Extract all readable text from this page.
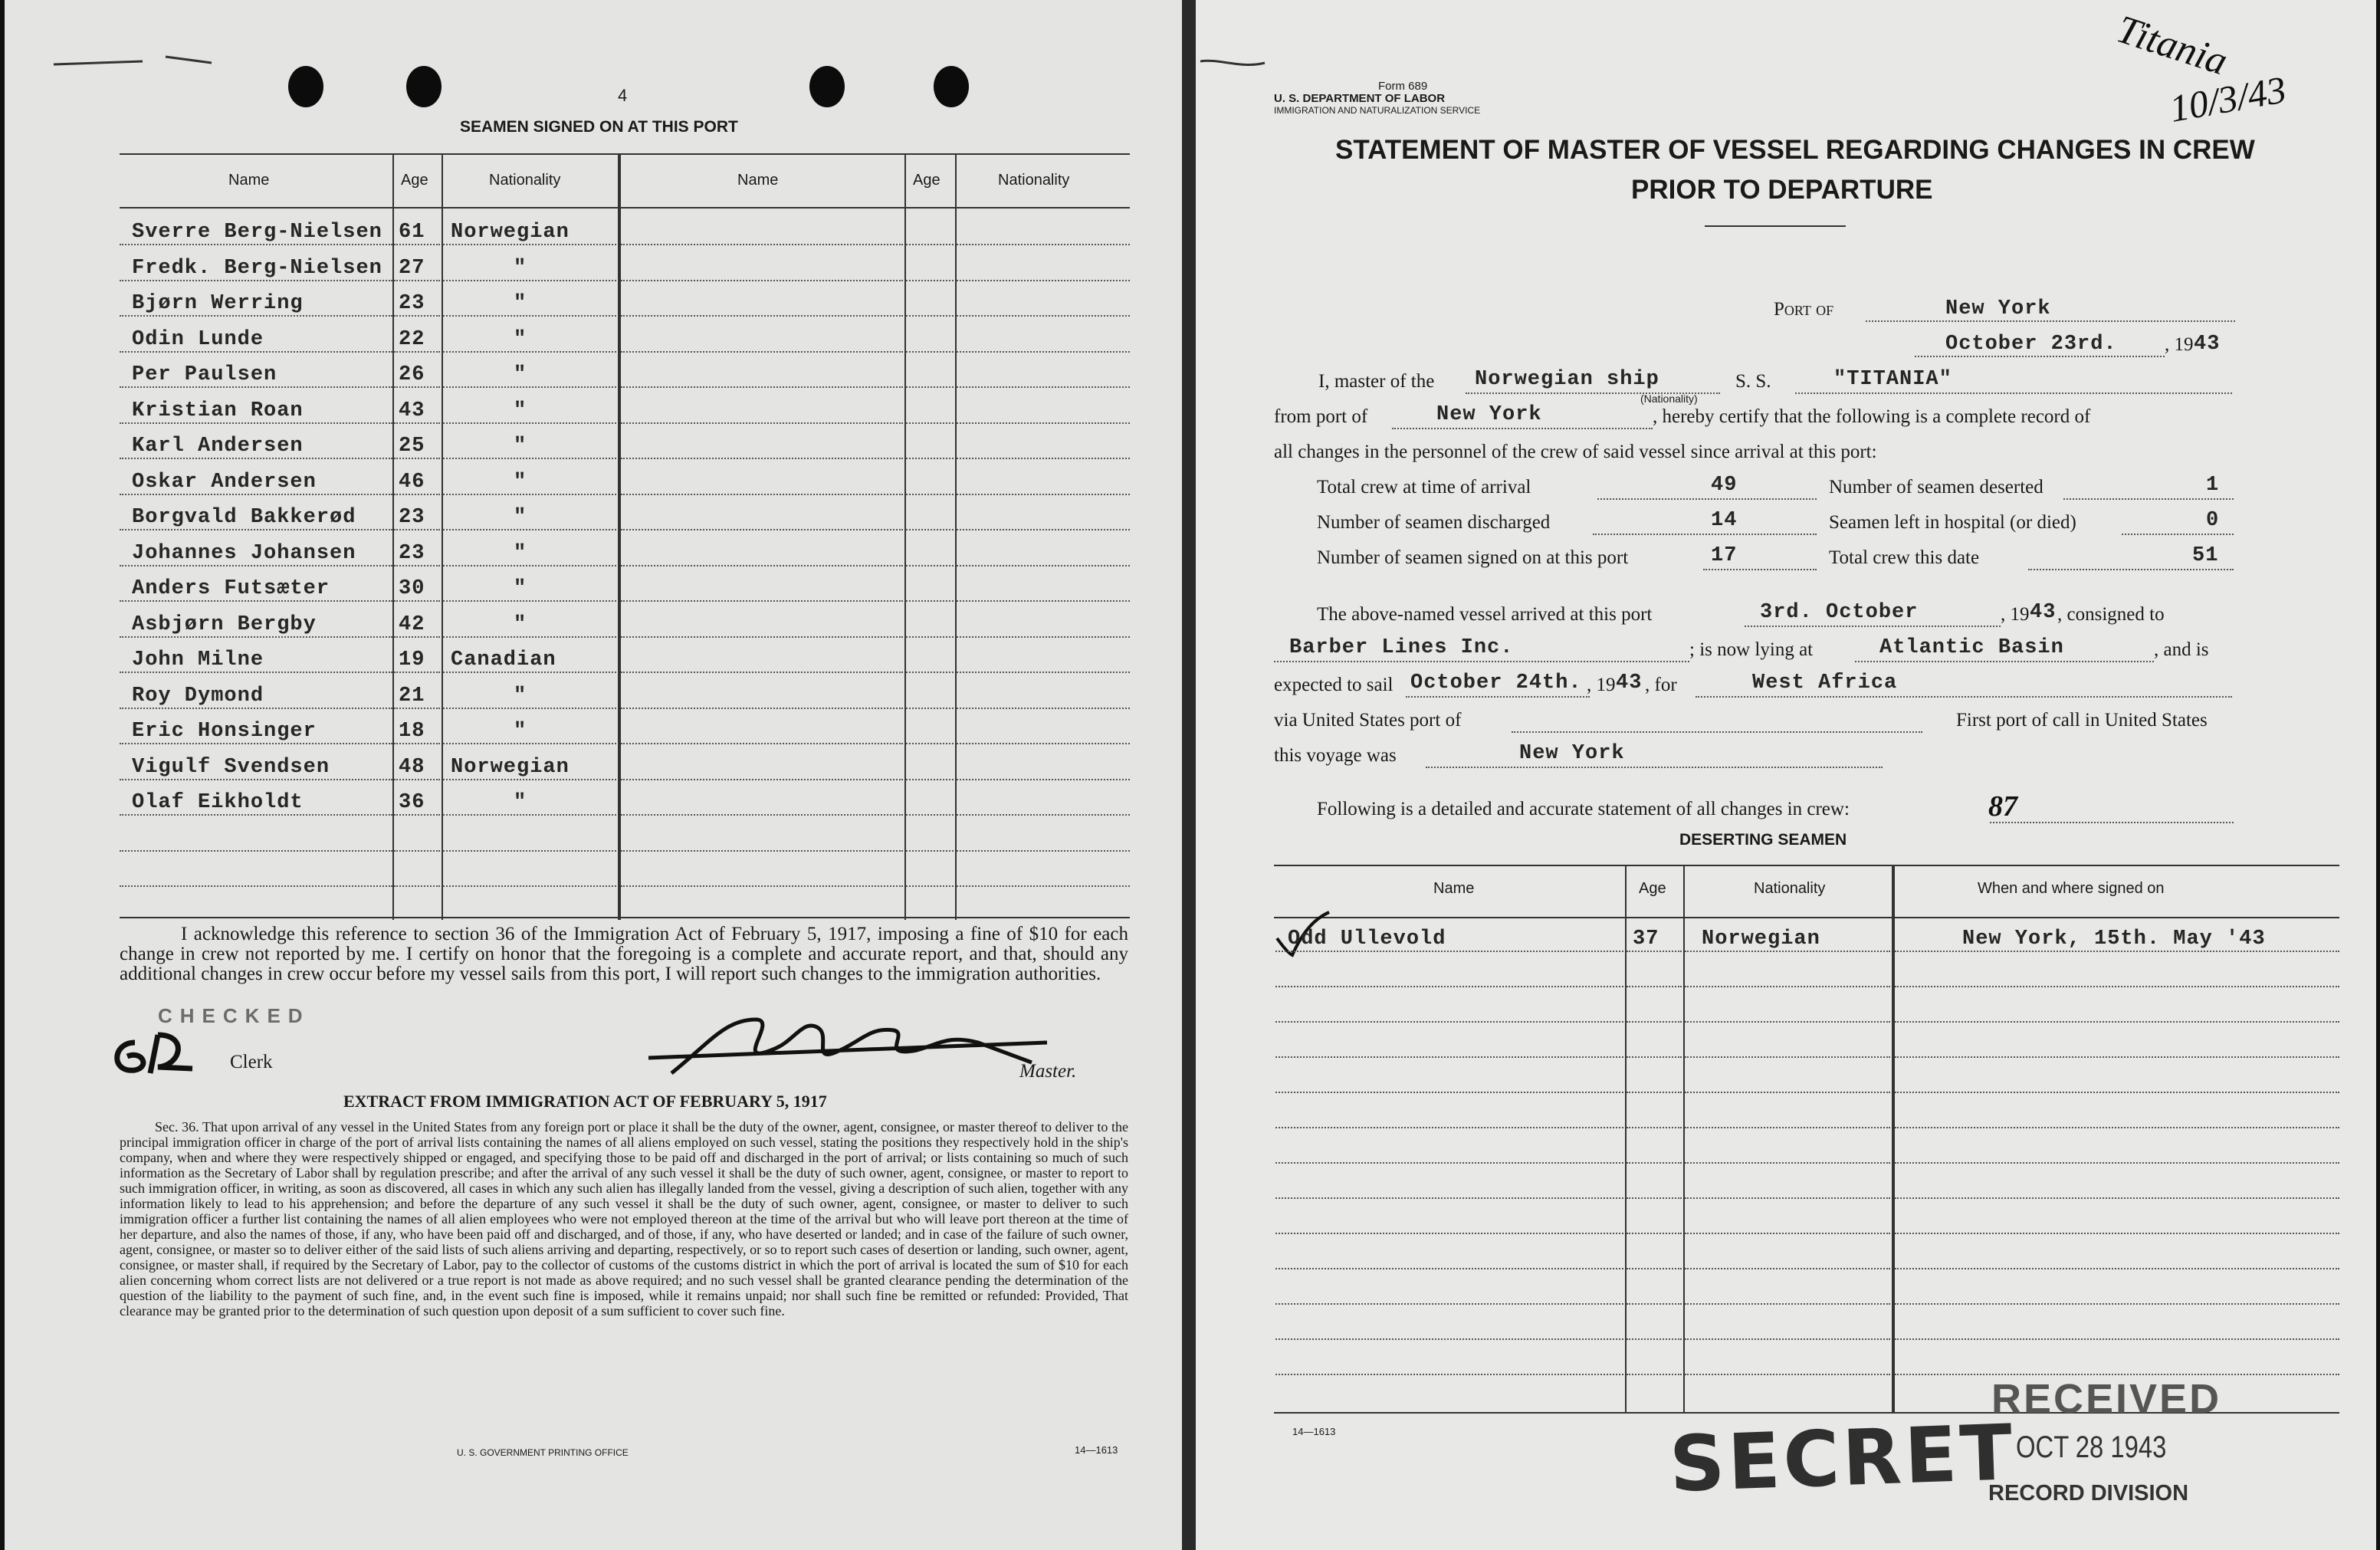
4
SEAMEN SIGNED ON AT THIS PORT
Name	Age	Nationality	Name	Age	Nationality
Sverre Berg-Nielsen 61 Norwegian
Fredk. Berg-Nielsen 27	"
Bjørn Werring	23	"
Odin Lunde	22	"
Per Paulsen	26	"
Kristian Roan	43	"
Karl Andersen	25	"
Oskar Andersen	46	"
Borgvald Bakkerød 23	"
Johannes Johansen 23	"
Anders Futsæter	30	"
Asbjørn Bergby	42	"
John Milne	19 Canadian
Roy Dymond	21	"
Eric Honsinger	18	"
Vigulf Svendsen	48 Norwegian
Olaf Eikholdt	36	"
I acknowledge this reference to section 36 of the Immigration Act of February 5, 1917, imposing a fine of $10 for each change in crew not reported by me. I certify on honor that the foregoing is a complete and accurate report, and that, should any additional changes in crew occur before my vessel sails from this port, I will report such changes to the immigration authorities.
CHECKED
Clerk	Master.
EXTRACT FROM IMMIGRATION ACT OF FEBRUARY 5, 1917
Sec. 36. That upon arrival of any vessel in the United States from any foreign port or place it shall be the duty of the owner, agent, consignee, or master thereof to deliver to the principal immigration officer in charge of the port of arrival lists containing the names of all aliens employed on such vessel, stating the positions they respectively hold in the ship's company, when and where they were respectively shipped or engaged, and specifying those to be paid off and discharged in the port of arrival; or lists containing so much of such information as the Secretary of Labor shall by regulation prescribe; and after the arrival of any such vessel it shall be the duty of such owner, agent, consignee, or master to report to such immigration officer, in writing, as soon as discovered, all cases in which any such alien has illegally landed from the vessel, giving a description of such alien, together with any information likely to lead to his apprehension; and before the departure of any such vessel it shall be the duty of such owner, agent, consignee, or master to deliver to such immigration officer a further list containing the names of all alien employees who were not employed thereon at the time of the arrival but who will leave port thereon at the time of her departure, and also the names of those, if any, who have been paid off and discharged, and of those, if any, who have deserted or landed; and in case of the failure of such owner, agent, consignee, or master so to deliver either of the said lists of such aliens arriving and departing, respectively, or so to report such cases of desertion or landing, such owner, agent, consignee, or master shall, if required by the Secretary of Labor, pay to the collector of customs of the customs district in which the port of arrival is located the sum of $10 for each alien concerning whom correct lists are not delivered or a true report is not made as above required; and no such vessel shall be granted clearance pending the determination of the question of the liability to the payment of such fine, and, in the event such fine is imposed, while it remains unpaid; nor shall such fine be remitted or refunded: Provided, That clearance may be granted prior to the determination of such question upon deposit of a sum sufficient to cover such fine.
U. S. GOVERNMENT PRINTING OFFICE	14—1613
Form 689
U. S. DEPARTMENT OF LABOR
IMMIGRATION AND NATURALIZATION SERVICE
Titania
10/3/43
STATEMENT OF MASTER OF VESSEL REGARDING CHANGES IN CREW
PRIOR TO DEPARTURE
Port of	New York
October 23rd. , 19 43
I, master of the Norwegian ship
(Nationality)
S. S.	"TITANIA"
from port of	New York	, hereby certify that the following is a complete record of
all changes in the personnel of the crew of said vessel since arrival at this port:
Total crew at time of arrival	49	Number of seamen deserted	1
Number of seamen discharged	14	Seamen left in hospital (or died)	0
Number of seamen signed on at this port	17	Total crew this date	51
The above-named vessel arrived at this port	3rd. October	, 19 43 , consigned to
Barber Lines Inc.	; is now lying at	Atlantic Basin	, and is
expected to sail October 24th. , 19 43 , for	West Africa
via United States port of	First port of call in United States
this voyage was	New York
Following is a detailed and accurate statement of all changes in crew:	87
DESERTING SEAMEN
Name	Age	Nationality	When and where signed on
Odd Ullevold	37 Norwegian	New York, 15th. May '43
14—1613
RECEIVED
SECRET
OCT 28 1943
RECORD DIVISION
